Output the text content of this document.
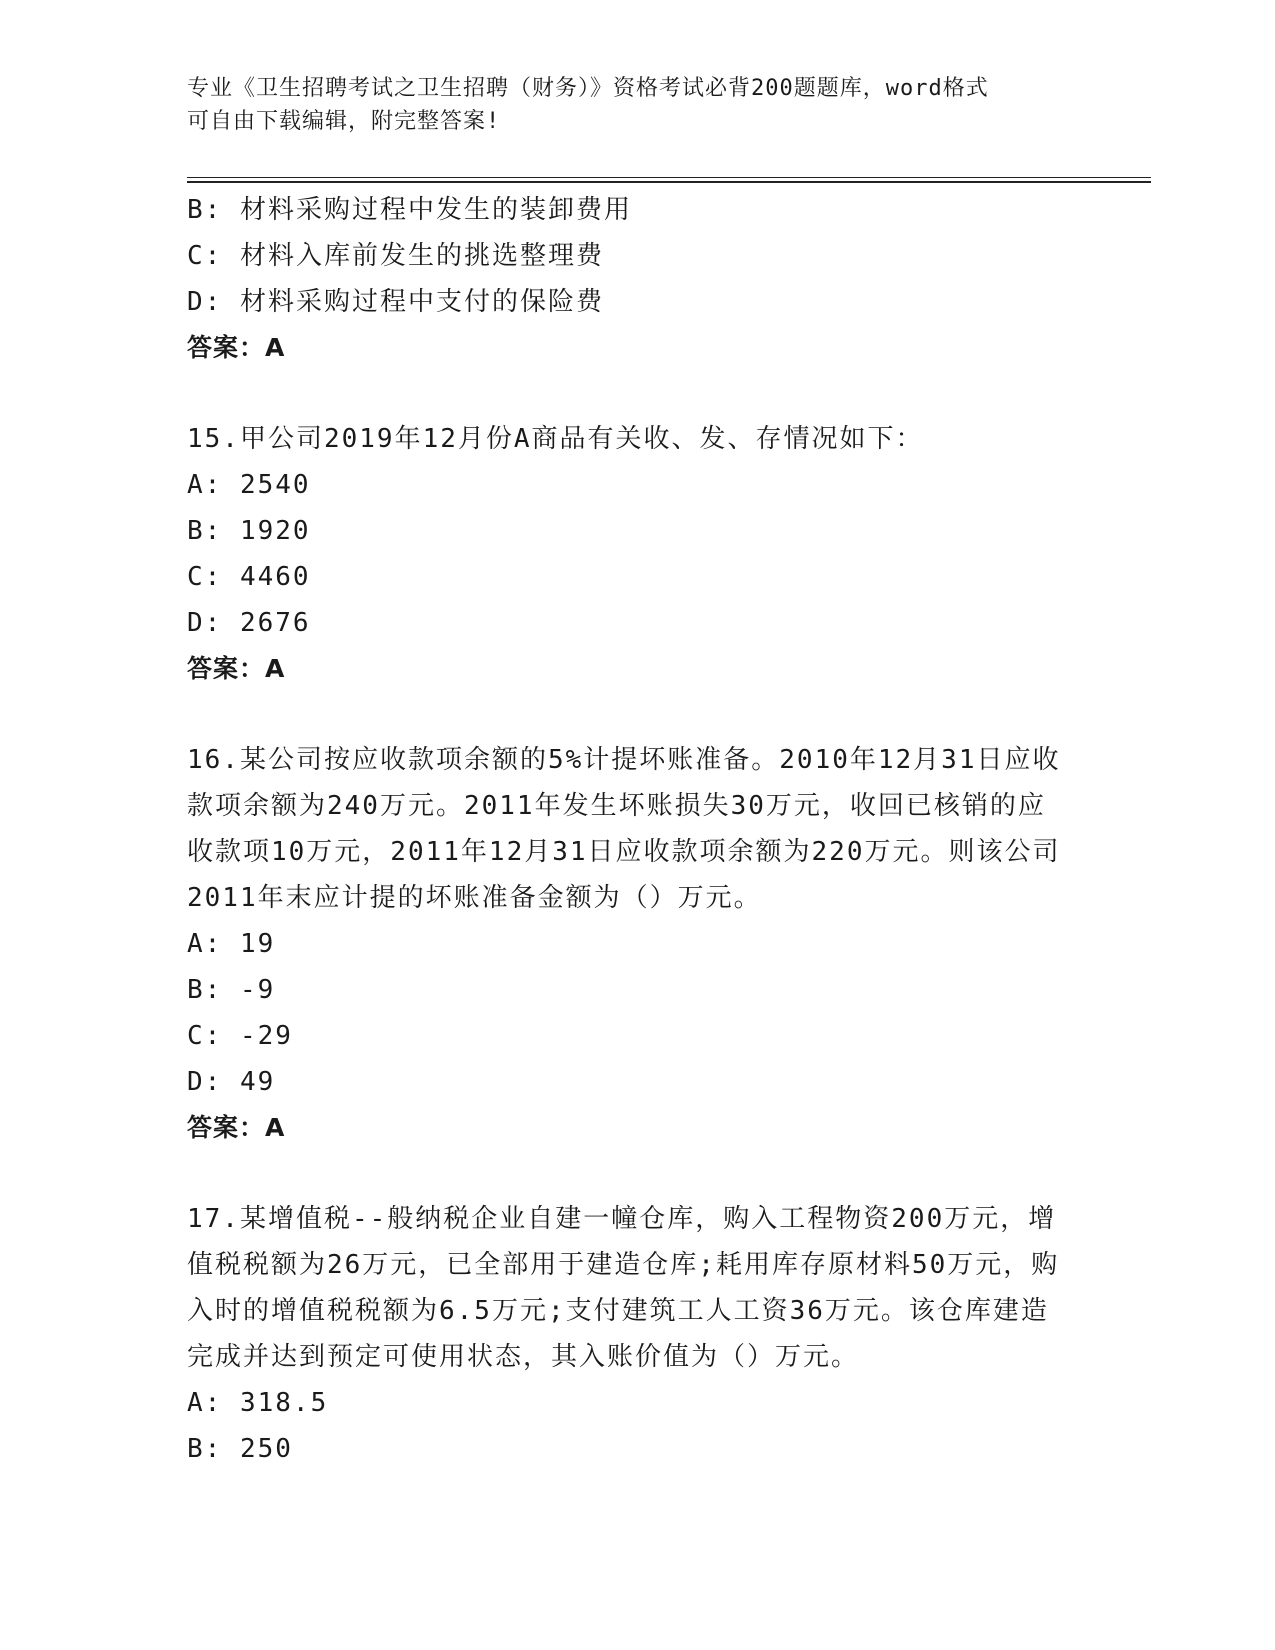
专业《卫生招聘考试之卫生招聘（财务）》资格考试必背200题题库，word格式
可自由下载编辑，附完整答案!
B: 材料采购过程中发生的装卸费用
C: 材料入库前发生的挑选整理费
D: 材料采购过程中支付的保险费
答案：A
15.甲公司2019年12月份A商品有关收、发、存情况如下：
A: 2540
B: 1920
C: 4460
D: 2676
答案：A
16.某公司按应收款项余额的5%计提坏账准备。2010年12月31日应收款项余额为240万元。2011年发生坏账损失30万元，收回已核销的应收款项10万元，2011年12月31日应收款项余额为220万元。则该公司2011年末应计提的坏账准备金额为（）万元。
A: 19
B: -9
C: -29
D: 49
答案：A
17.某增值税--般纳税企业自建一幢仓库，购入工程物资200万元，增值税税额为26万元，已全部用于建造仓库;耗用库存原材料50万元，购入时的增值税税额为6.5万元;支付建筑工人工资36万元。该仓库建造完成并达到预定可使用状态，其入账价值为（）万元。
A: 318.5
B: 250
